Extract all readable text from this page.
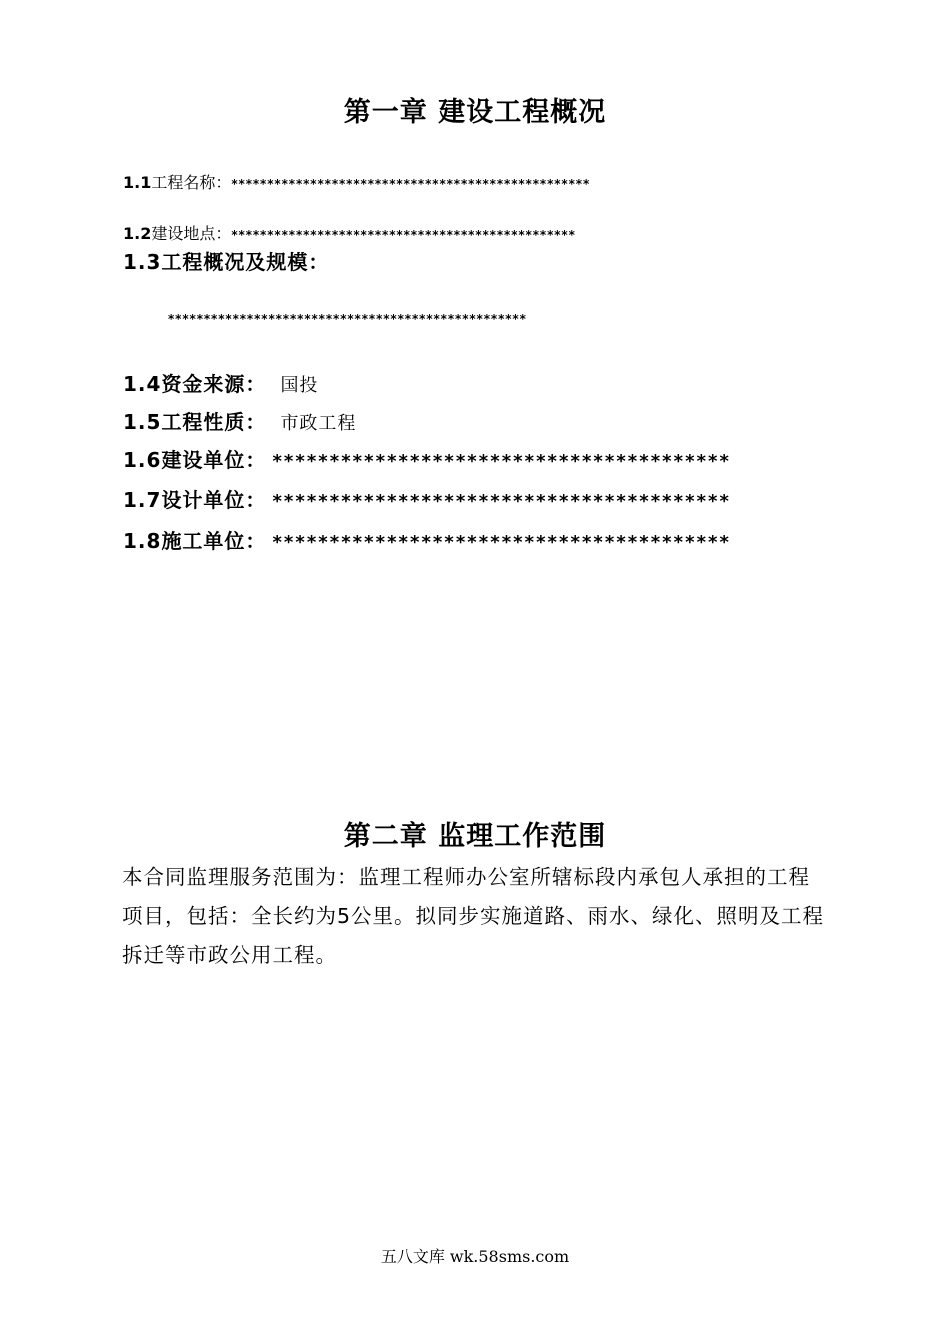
第一章 建设工程概况
1.1 工程名称： **************************************************
1.2 建设地点： ************************************************
1.3 工程概况及规模：
**************************************************
1.4 资金来源： 国投
1.5 工程性质： 市政工程
1.6 建设单位： ****************************************
1.7 设计单位： ****************************************
1.8 施工单位： ****************************************
第二章 监理工作范围
本合同监理服务范围为：监理工程师办公室所辖标段内承包人承担的工程项目，包括：全长约为5公里。拟同步实施道路、雨水、绿化、照明及工程拆迁等市政公用工程。
五八文库 wk.58sms.com
